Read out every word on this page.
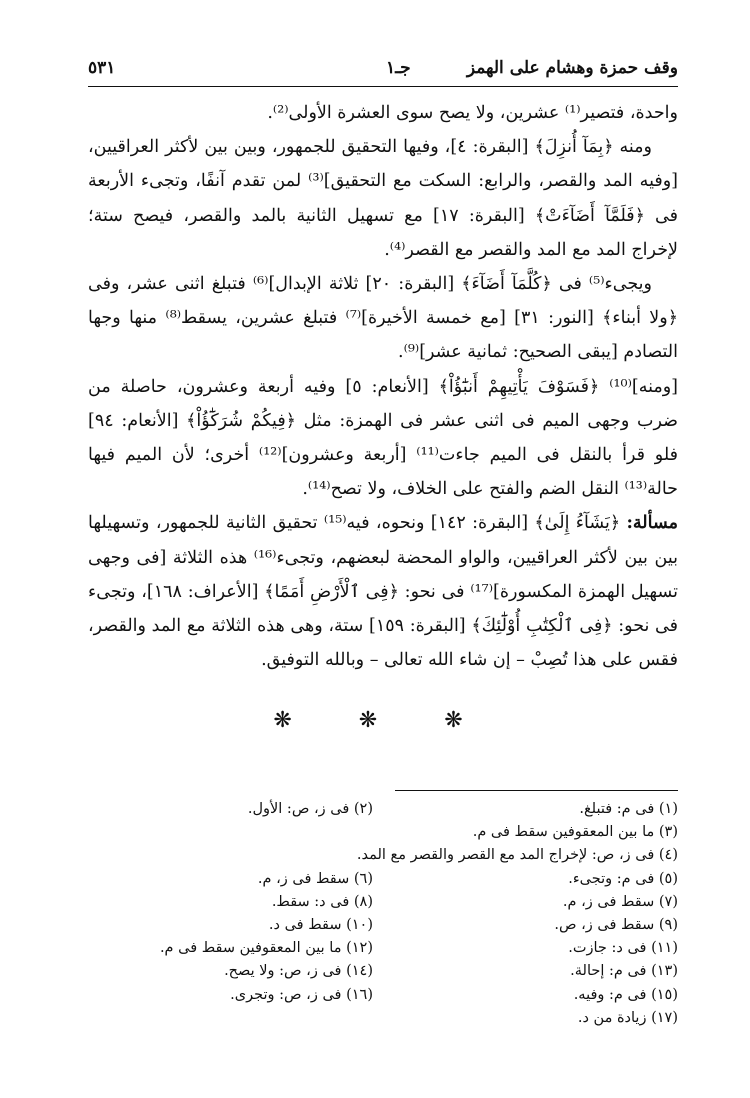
وقف حمزة وهشام على الهمز
جـ١
٥٣١

واحدة، فتصير⁽¹⁾ عشرين، ولا يصح سوى العشرة الأولى⁽²⁾.

ومنه ﴿بِمَآ أُنزِلَ﴾ [البقرة: ٤]، وفيها التحقيق للجمهور، وبين بين لأكثر العراقيين، [وفيه المد والقصر، والرابع: السكت مع التحقيق]⁽³⁾ لمن تقدم آنفًا، وتجىء الأربعة فى ﴿فَلَمَّآ أَضَآءَتْ﴾ [البقرة: ١٧] مع تسهيل الثانية بالمد والقصر، فيصح ستة؛ لإخراج المد مع المد والقصر مع القصر⁽⁴⁾.

ويجىء⁽⁵⁾ فى ﴿كُلَّمَآ أَضَآءَ﴾ [البقرة: ٢٠] ثلاثة الإبدال]⁽⁶⁾ فتبلغ اثنى عشر، وفى ﴿ولا أبناء﴾ [النور: ٣١] [مع خمسة الأخيرة]⁽⁷⁾ فتبلغ عشرين، يسقط⁽⁸⁾ منها وجها التصادم [يبقى الصحيح: ثمانية عشر]⁽⁹⁾.

[ومنه]⁽¹⁰⁾ ﴿فَسَوْفَ يَأْتِيهِمْ أَنبَٰٓؤُاْ﴾ [الأنعام: ٥] وفيه أربعة وعشرون، حاصلة من ضرب وجهى الميم فى اثنى عشر فى الهمزة: مثل ﴿فِيكُمْ شُرَكَٰٓؤُاْ﴾ [الأنعام: ٩٤] فلو قرأ بالنقل فى الميم جاءت⁽¹¹⁾ [أربعة وعشرون]⁽¹²⁾ أخرى؛ لأن الميم فيها حالة⁽¹³⁾ النقل الضم والفتح على الخلاف، ولا تصح⁽¹⁴⁾.

مسألة: ﴿يَشَآءُ إِلَىٰ﴾ [البقرة: ١٤٢] ونحوه، فيه⁽¹⁵⁾ تحقيق الثانية للجمهور، وتسهيلها بين بين لأكثر العراقيين، والواو المحضة لبعضهم، وتجىء⁽¹⁶⁾ هذه الثلاثة [فى وجهى تسهيل الهمزة المكسورة]⁽¹⁷⁾ فى نحو: ﴿فِى ٱلْأَرْضِ أَمَمًا﴾ [الأعراف: ١٦٨]، وتجىء فى نحو: ﴿فِى ٱلْكِتَٰبِ أُوْلَٰٓئِكَ﴾ [البقرة: ١٥٩] ستة، وهى هذه الثلاثة مع المد والقصر، فقس على هذا تُصِبْ – إن شاء الله تعالى – وبالله التوفيق.

❋ ❋ ❋
(١) فى م: فتبلغ.
(٢) فى ز، ص: الأول.
(٣) ما بين المعقوفين سقط فى م.
(٤) فى ز، ص: لإخراج المد مع القصر والقصر مع المد.
(٥) فى م: وتجىء.
(٦) سقط فى ز، م.
(٧) سقط فى ز، م.
(٨) فى د: سقط.
(٩) سقط فى ز، ص.
(١٠) سقط فى د.
(١١) فى د: جازت.
(١٢) ما بين المعقوفين سقط فى م.
(١٣) فى م: إحالة.
(١٤) فى ز، ص: ولا يصح.
(١٥) فى م: وفيه.
(١٦) فى ز، ص: وتجرى.
(١٧) زيادة من د.
